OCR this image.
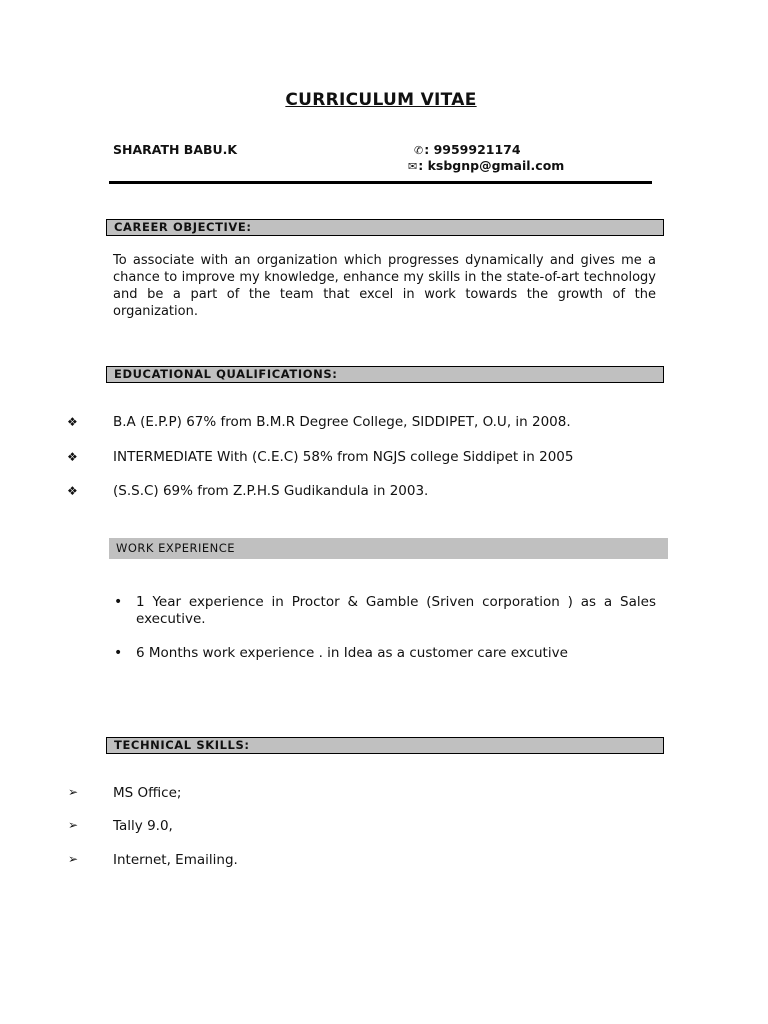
CURRICULUM VITAE
SHARATH BABU.K	✆: 9959921174
✉: ksbgnp@gmail.com
CAREER OBJECTIVE:
To associate with an organization which progresses dynamically and gives me a chance to improve my knowledge, enhance my skills in the state-of-art technology and be a part of the team that excel in work towards the growth of the organization.
EDUCATIONAL QUALIFICATIONS:
❖	B.A (E.P.P) 67% from B.M.R Degree College, SIDDIPET, O.U, in 2008.
❖	INTERMEDIATE With (C.E.C) 58% from NGJS college Siddipet in 2005
❖	(S.S.C) 69% from Z.P.H.S Gudikandula in 2003.
WORK EXPERIENCE
• 1 Year experience in Proctor & Gamble (Sriven corporation ) as a Sales executive.
• 6 Months work experience . in Idea as a customer care excutive
TECHNICAL SKILLS:
➢	MS Office;
➢	Tally 9.0,
➢	Internet, Emailing.
